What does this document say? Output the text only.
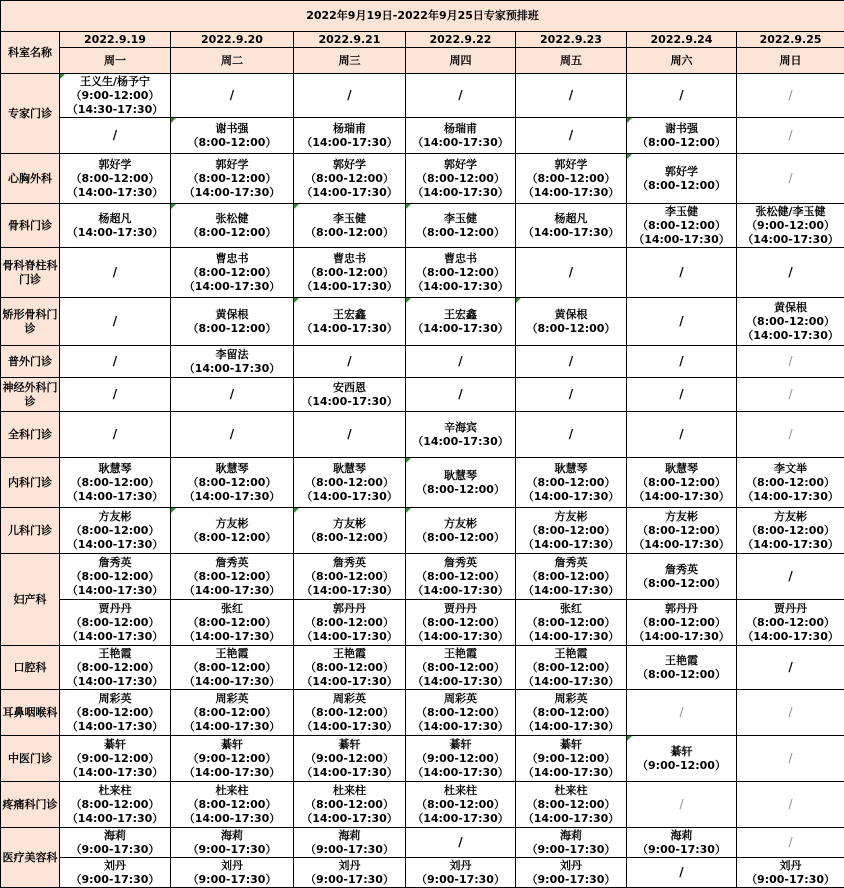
2022年9月19日-2022年9月25日专家预排班							
科室名称	2022.9.19	2022.9.20	2022.9.21	2022.9.22	2022.9.23	2022.9.24	2022.9.25
	周一	周二	周三	周四	周五	周六	周日
专家门诊	王义生/杨予宁
（9:00-12:00）
（14:30-17:30）	/	/	/	/	/	/
	/	谢书强
（8:00-12:00）	杨瑞甫
（14:00-17:30）	杨瑞甫
（14:00-17:30）	/	谢书强
（8:00-12:00）	/
心胸外科	郭好学
（8:00-12:00）
（14:00-17:30）	郭好学
（8:00-12:00）
（14:00-17:30）	郭好学
（8:00-12:00）
（14:00-17:30）	郭好学
（8:00-12:00）
（14:00-17:30）	郭好学
（8:00-12:00）
（14:00-17:30）	郭好学
（8:00-12:00）	/
骨科门诊	杨超凡
（14:00-17:30）	张松健
（8:00-12:00）	李玉健
（8:00-12:00）	李玉健
（8:00-12:00）	杨超凡
（14:00-17:30）	李玉健
（8:00-12:00）
（14:00-17:30）	张松健/李玉健
（9:00-12:00）
（14:00-17:30）

骨科脊柱科门诊	/	曹忠书
（8:00-12:00）
（14:00-17:30）	曹忠书
（8:00-12:00）
（14:00-17:30）	曹忠书
（8:00-12:00）
（14:00-17:30）	/	/	/
矫形骨科门诊	/	黄保根
（8:00-12:00）	王宏鑫
（14:00-17:30）	王宏鑫
（14:00-17:30）	黄保根
（8:00-12:00）	/	黄保根
（8:00-12:00）
（14:00-17:30）

普外门诊	/	李留法
（14:00-17:30）	/	/	/	/	/
神经外科门诊	/	/	安西恩
（14:00-17:30）	/	/	/	/
全科门诊	/	/	/	辛海宾
（14:00-17:30）	/	/	/
内科门诊	耿慧琴
（8:00-12:00）
（14:00-17:30）	耿慧琴
（8:00-12:00）
（14:00-17:30）	耿慧琴
（8:00-12:00）
（14:00-17:30）	耿慧琴
（8:00-12:00）	耿慧琴
（8:00-12:00）
（14:00-17:30）	耿慧琴
（8:00-12:00）
（14:00-17:30）	李文举
（8:00-12:00）
（14:00-17:30）

儿科门诊	方友彬
（8:00-12:00）
（14:00-17:30）	方友彬
（8:00-12:00）	方友彬
（8:00-12:00）	方友彬
（8:00-12:00）	方友彬
（8:00-12:00）
（14:00-17:30）	方友彬
（8:00-12:00）
（14:00-17:30）	方友彬
（8:00-12:00）
（14:00-17:30）

妇产科	詹秀英
（8:00-12:00）
（14:00-17:30）	詹秀英
（8:00-12:00）
（14:00-17:30）	詹秀英
（8:00-12:00）
（14:00-17:30）	詹秀英
（8:00-12:00）
（14:00-17:30）	詹秀英
（8:00-12:00）
（14:00-17:30）	詹秀英
（8:00-12:00）	/

	贾丹丹
（8:00-12:00）
（14:00-17:30）	张红
（8:00-12:00）
（14:00-17:30）	郭丹丹
（8:00-12:00）
（14:00-17:30）	贾丹丹
（8:00-12:00）
（14:00-17:30）	张红
（8:00-12:00）
（14:00-17:30）	郭丹丹
（8:00-12:00）
（14:00-17:30）	贾丹丹
（8:00-12:00）
（14:00-17:30）

口腔科	王艳霞
（8:00-12:00）
（14:00-17:30）	王艳霞
（8:00-12:00）
（14:00-17:30）	王艳霞
（8:00-12:00）
（14:00-17:30）	王艳霞
（8:00-12:00）
（14:00-17:30）	王艳霞
（8:00-12:00）
（14:00-17:30）	王艳霞
（8:00-12:00）	/
耳鼻咽喉科	周彩英
（8:00-12:00）
（14:00-17:30）	周彩英
（8:00-12:00）
（14:00-17:30）	周彩英
（8:00-12:00）
（14:00-17:30）	周彩英
（8:00-12:00）
（14:00-17:30）	周彩英
（8:00-12:00）
（14:00-17:30）	/	/
中医门诊	綦轩
（9:00-12:00）
（14:00-17:30）	綦轩
（9:00-12:00）
（14:00-17:30）	綦轩
（9:00-12:00）
（14:00-17:30）	綦轩
（9:00-12:00）
（14:00-17:30）	綦轩
（9:00-12:00）
（14:00-17:30）	綦轩
（9:00-12:00）	/
疼痛科门诊	杜来柱
（8:00-12:00）
（14:00-17:30）	杜来柱
（8:00-12:00）
（14:00-17:30）	杜来柱
（8:00-12:00）
（14:00-17:30）	杜来柱
（8:00-12:00）
（14:00-17:30）	杜来柱
（8:00-12:00）
（14:00-17:30）	/	/
医疗美容科	海莉
（9:00-17:30）	海莉
（9:00-17:30）	海莉
（9:00-17:30）	/	海莉
（9:00-17:30）	海莉
（9:00-17:30）	/

	刘丹
（9:00-17:30）	刘丹
（9:00-17:30）	刘丹
（9:00-17:30）	刘丹
（9:00-17:30）	刘丹
（9:00-17:30）	/	刘丹
（9:00-17:30）
